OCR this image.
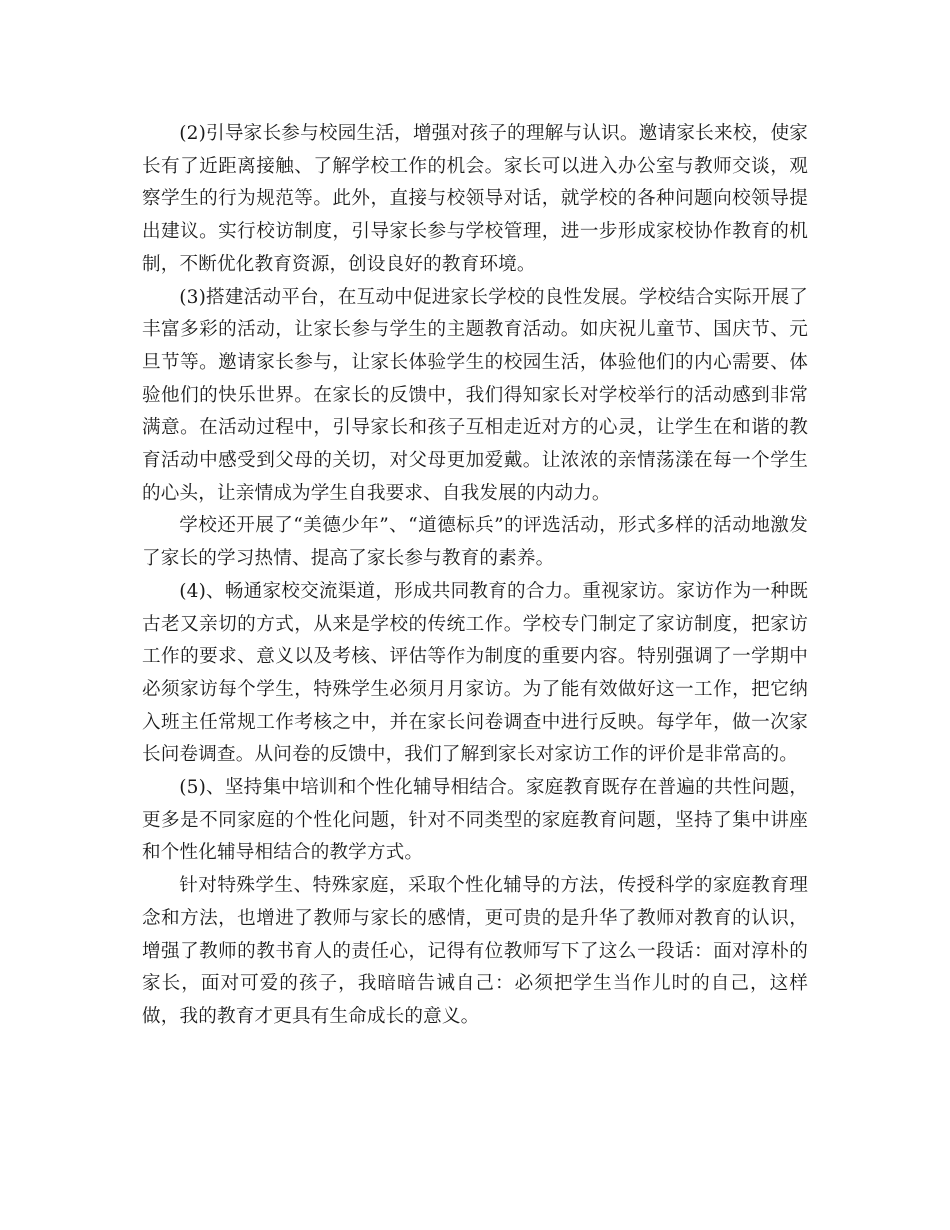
(2)引导家长参与校园生活，增强对孩子的理解与认识。邀请家长来校，使家长有了近距离接触、了解学校工作的机会。家长可以进入办公室与教师交谈，观察学生的行为规范等。此外，直接与校领导对话，就学校的各种问题向校领导提出建议。实行校访制度，引导家长参与学校管理，进一步形成家校协作教育的机制，不断优化教育资源，创设良好的教育环境。

(3)搭建活动平台，在互动中促进家长学校的良性发展。学校结合实际开展了丰富多彩的活动，让家长参与学生的主题教育活动。如庆祝儿童节、国庆节、元旦节等。邀请家长参与，让家长体验学生的校园生活，体验他们的内心需要、体验他们的快乐世界。在家长的反馈中，我们得知家长对学校举行的活动感到非常满意。在活动过程中，引导家长和孩子互相走近对方的心灵，让学生在和谐的教育活动中感受到父母的关切，对父母更加爱戴。让浓浓的亲情荡漾在每一个学生的心头，让亲情成为学生自我要求、自我发展的内动力。

学校还开展了“美德少年”、“道德标兵”的评选活动，形式多样的活动地激发了家长的学习热情、提高了家长参与教育的素养。

(4)、畅通家校交流渠道，形成共同教育的合力。重视家访。家访作为一种既古老又亲切的方式，从来是学校的传统工作。学校专门制定了家访制度，把家访工作的要求、意义以及考核、评估等作为制度的重要内容。特别强调了一学期中必须家访每个学生，特殊学生必须月月家访。为了能有效做好这一工作，把它纳入班主任常规工作考核之中，并在家长问卷调查中进行反映。每学年，做一次家长问卷调查。从问卷的反馈中，我们了解到家长对家访工作的评价是非常高的。

(5)、坚持集中培训和个性化辅导相结合。家庭教育既存在普遍的共性问题，更多是不同家庭的个性化问题，针对不同类型的家庭教育问题，坚持了集中讲座和个性化辅导相结合的教学方式。

针对特殊学生、特殊家庭，采取个性化辅导的方法，传授科学的家庭教育理念和方法，也增进了教师与家长的感情，更可贵的是升华了教师对教育的认识，增强了教师的教书育人的责任心，记得有位教师写下了这么一段话：面对淳朴的家长，面对可爱的孩子，我暗暗告诫自己：必须把学生当作儿时的自己，这样做，我的教育才更具有生命成长的意义。
